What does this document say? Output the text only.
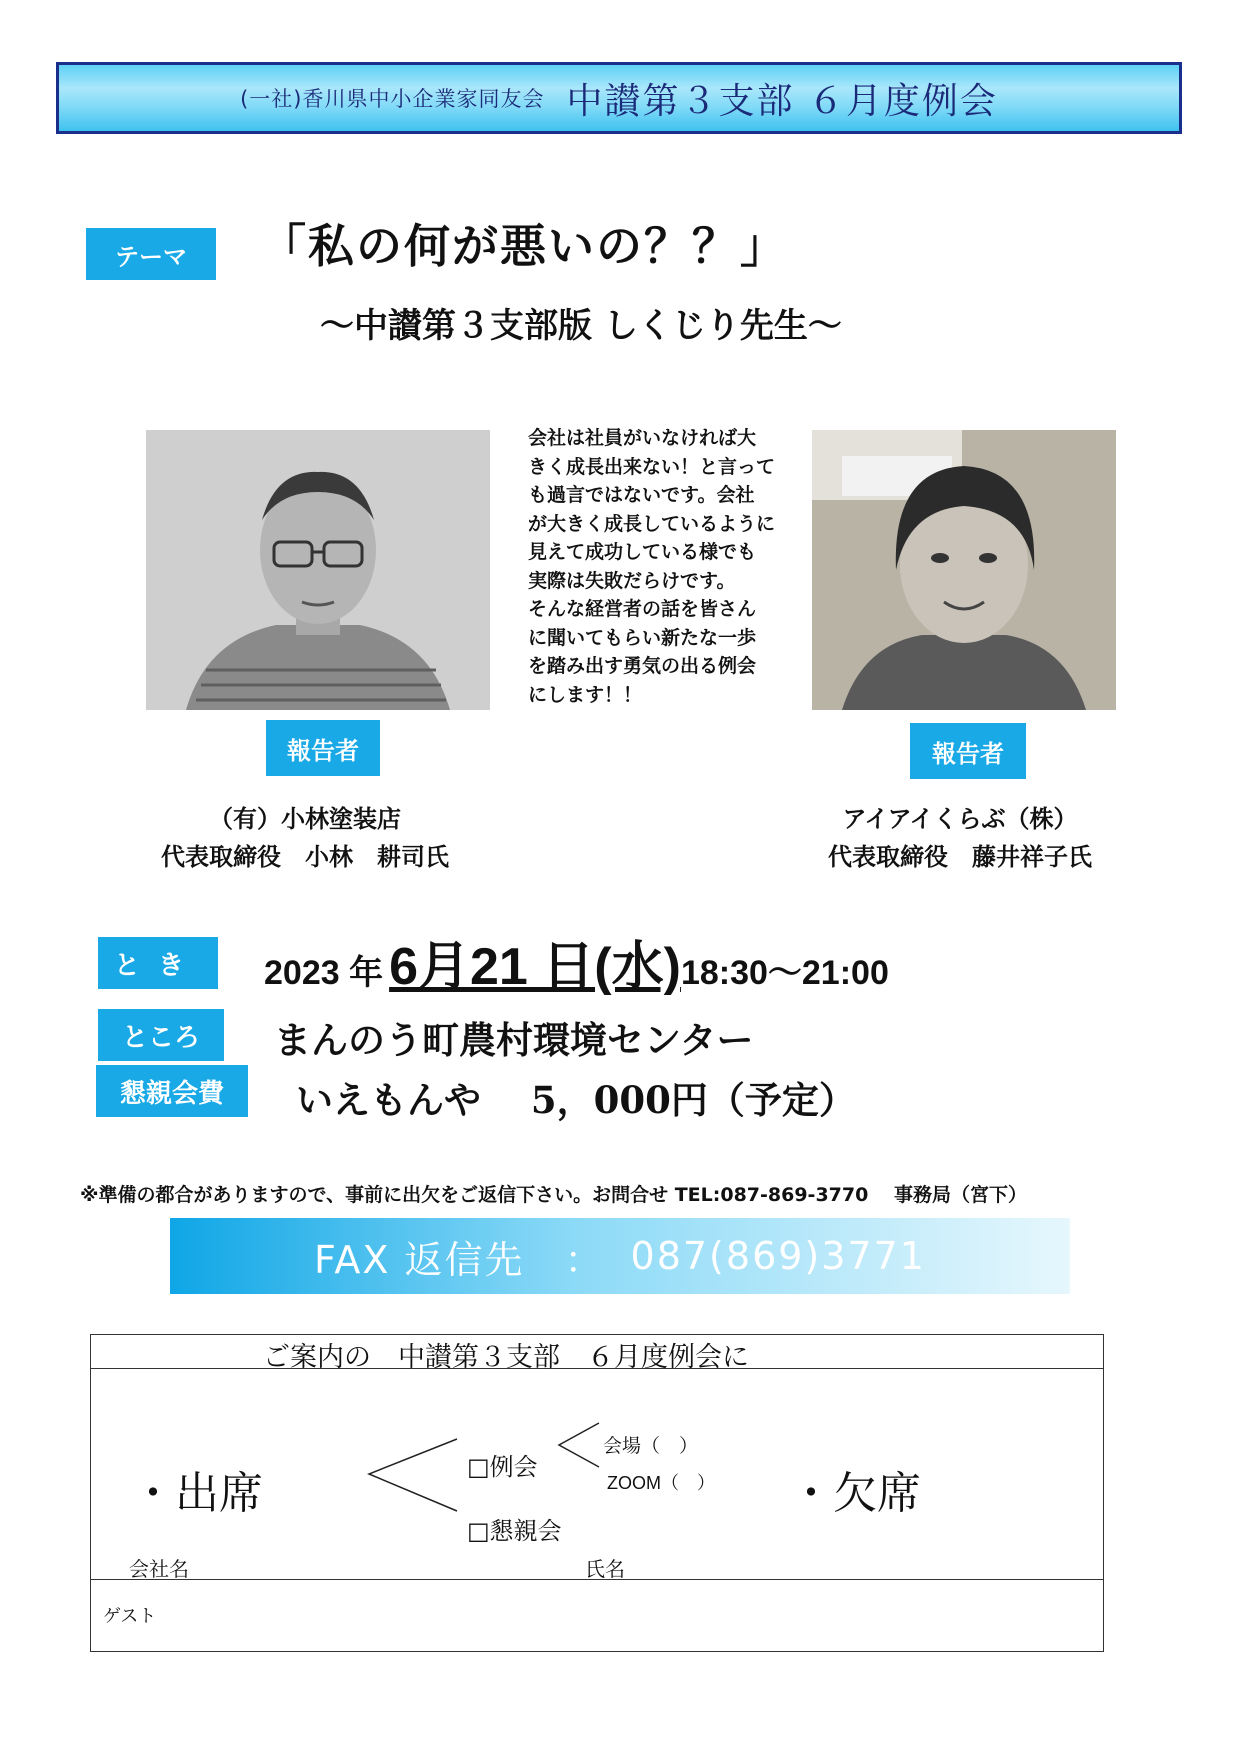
(一社)香川県中小企業家同友会 中讃第３支部 ６月度例会
テーマ	「私の何が悪いの？？」
～中讃第３支部版 しくじり先生～
会社は社員がいなければ大
きく成長出来ない！と言って
も過言ではないです。会社
が大きく成長しているように
見えて成功している様でも
実際は失敗だらけです。
そんな経営者の話を皆さん
に聞いてもらい新たな一歩
を踏み出す勇気の出る例会
にします！！
報告者	報告者
（有）小林塗装店
代表取締役　小林　耕司氏
アイアイくらぶ（株）
代表取締役　藤井祥子氏
とき	2023 年 6月21 日(水) 18:30～21:00
ところ	まんのう町農村環境センター
懇親会費	いえもんや　 5，000円（予定）
※準備の都合がありますので、事前に出欠をご返信下さい。お問合せ TEL:087-869-3770　 事務局（宮下）
FAX 返信先　： 087(869)3771
ご案内の　中讃第３支部　６月度例会に
・出席
□例会
□懇親会
会場（　）
ZOOM（　） ・欠席
会社名	氏名
ゲスト
